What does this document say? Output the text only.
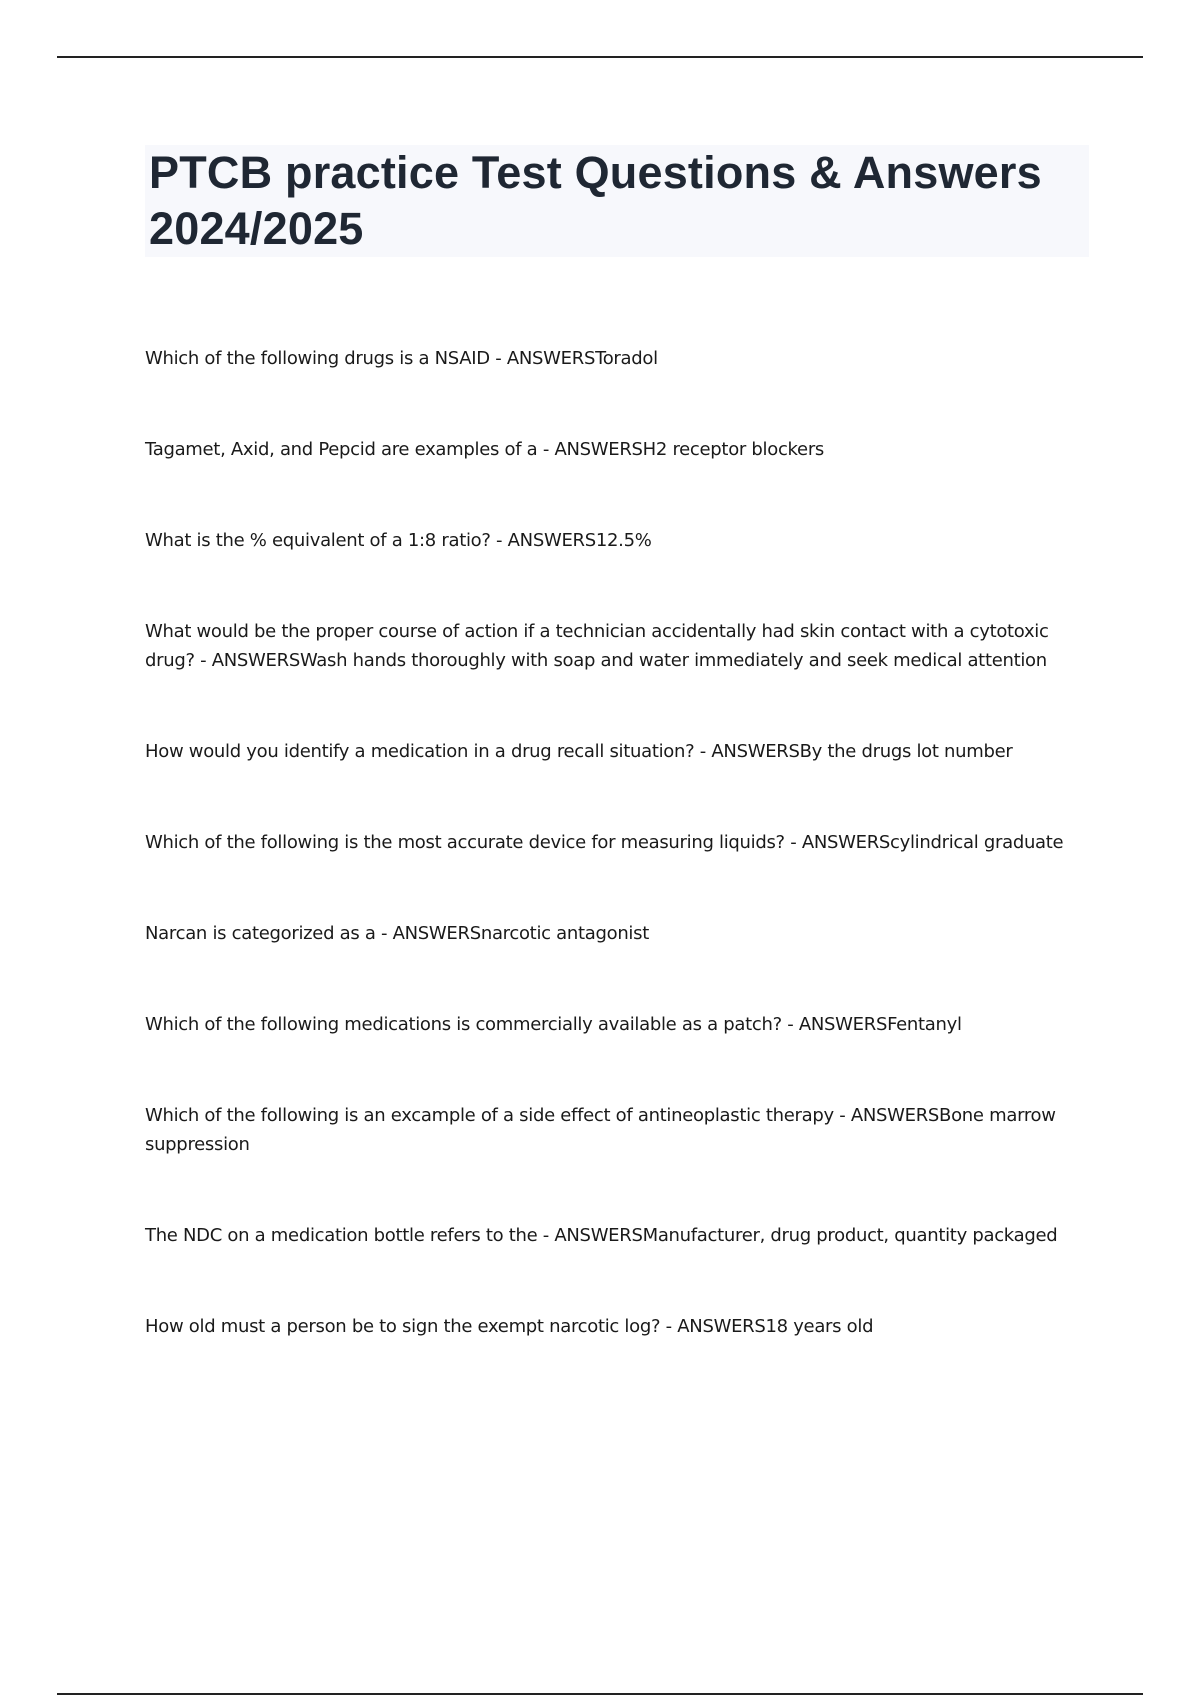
PTCB practice Test Questions & Answers 2024/2025
Which of the following drugs is a NSAID - ANSWERSToradol
Tagamet, Axid, and Pepcid are examples of a - ANSWERSH2 receptor blockers
What is the % equivalent of a 1:8 ratio? - ANSWERS12.5%
What would be the proper course of action if a technician accidentally had skin contact with a cytotoxic drug? - ANSWERSWash hands thoroughly with soap and water immediately and seek medical attention
How would you identify a medication in a drug recall situation? - ANSWERSBy the drugs lot number
Which of the following is the most accurate device for measuring liquids? - ANSWERScylindrical graduate
Narcan is categorized as a - ANSWERSnarcotic antagonist
Which of the following medications is commercially available as a patch? - ANSWERSFentanyl
Which of the following is an excample of a side effect of antineoplastic therapy - ANSWERSBone marrow suppression
The NDC on a medication bottle refers to the - ANSWERSManufacturer, drug product, quantity packaged
How old must a person be to sign the exempt narcotic log? - ANSWERS18 years old
